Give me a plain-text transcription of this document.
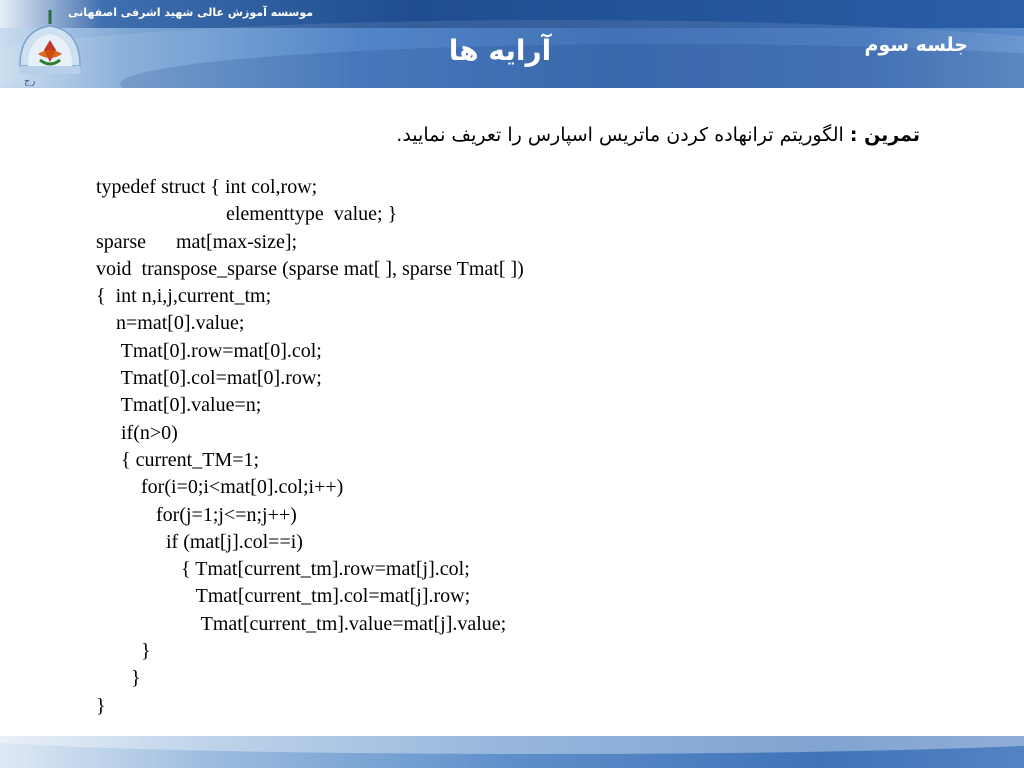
ﺭﺝ
موسسه آموزش عالی شهید اشرفی اصفهانی
آرایه ها	جلسه سوم
تمرین : الگوریتم ترانهاده کردن ماتریس اسپارس را تعریف نمایید.
typedef struct { int col,row;
elementtype  value; }
sparse      mat[max-size];
void  transpose_sparse (sparse mat[ ], sparse Tmat[ ])
{  int n,i,j,current_tm;
n=mat[0].value;
Tmat[0].row=mat[0].col;
Tmat[0].col=mat[0].row;
Tmat[0].value=n;
if(n>0)
{ current_TM=1;
for(i=0;i<mat[0].col;i++)
for(j=1;j<=n;j++)
if (mat[j].col==i)
{ Tmat[current_tm].row=mat[j].col;
Tmat[current_tm].col=mat[j].row;
Tmat[current_tm].value=mat[j].value;
}
}
}
